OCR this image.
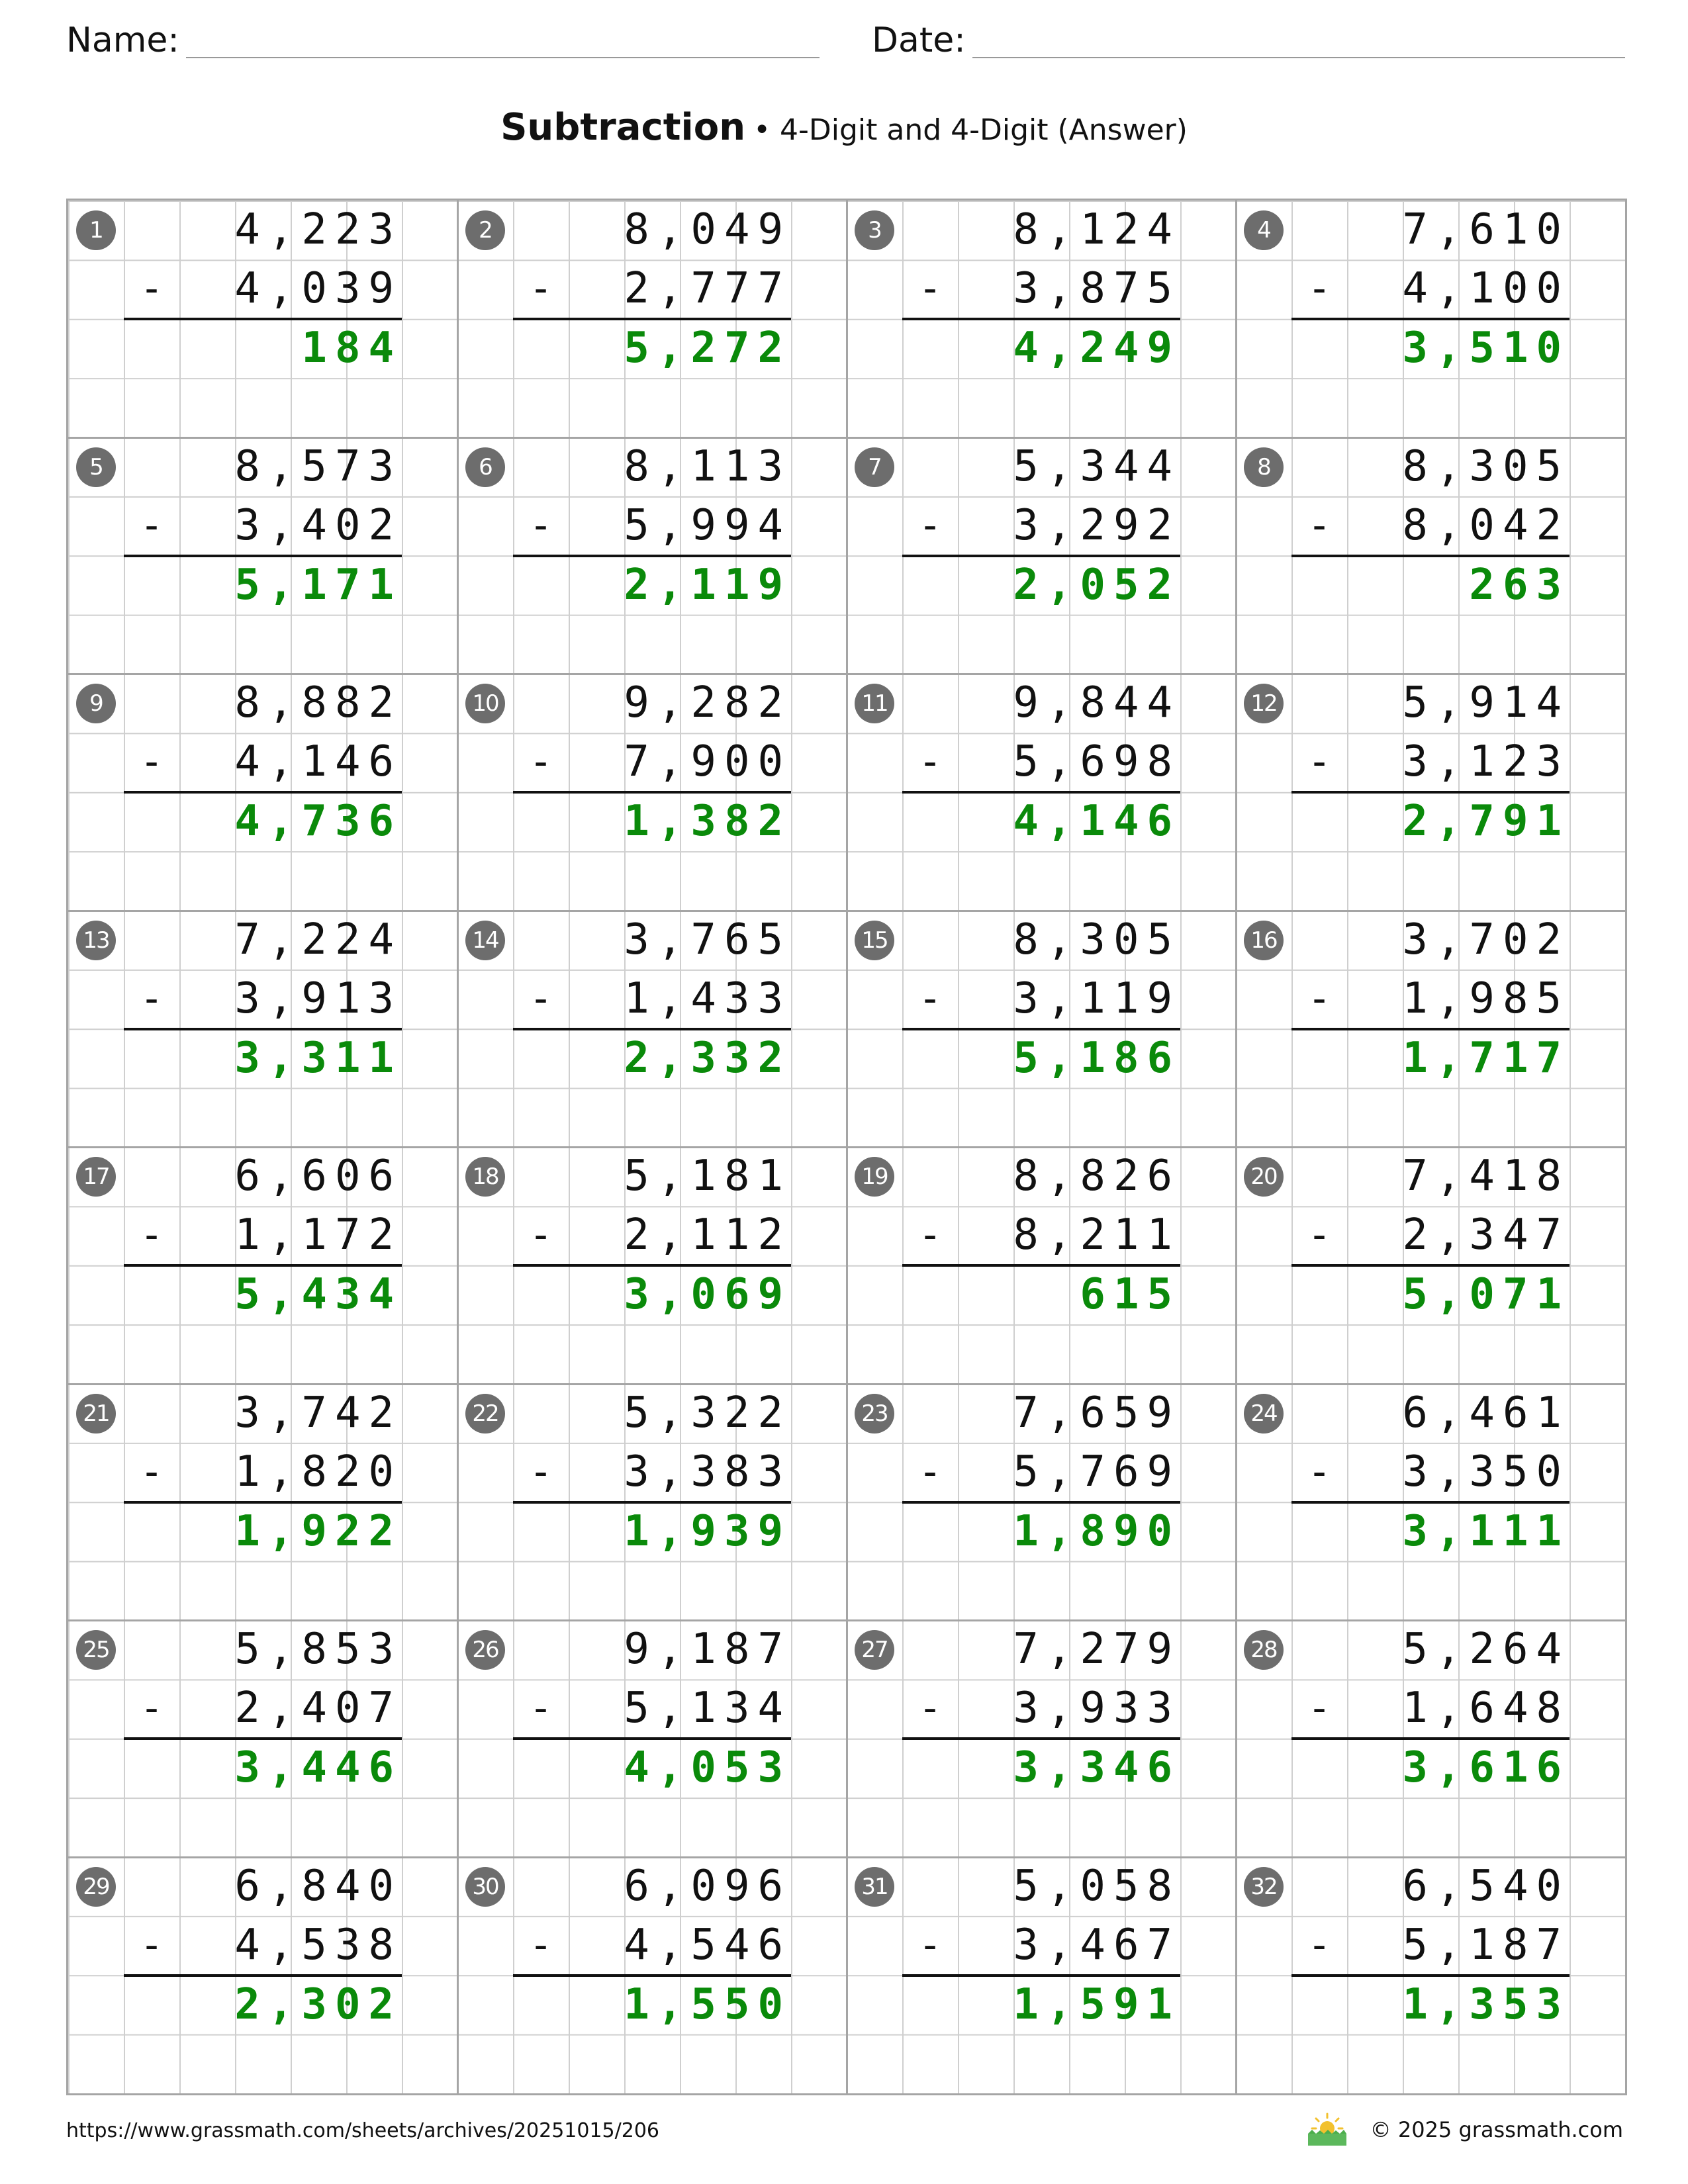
Name:	Date:
Subtraction • 4-Digit and 4-Digit (Answer)
1	4,223
-	4,039
184
2	8,049
-	2,777
5,272
3	8,124
-	3,875
4,249
4	7,610
-	4,100
3,510
5	8,573
-	3,402
5,171
6	8,113
-	5,994
2,119
7	5,344
-	3,292
2,052
8	8,305
-	8,042
263
9	8,882
-	4,146
4,736
10	9,282
-	7,900
1,382
11	9,844
-	5,698
4,146
12	5,914
-	3,123
2,791
13	7,224
-	3,913
3,311
14	3,765
-	1,433
2,332
15	8,305
-	3,119
5,186
16	3,702
-	1,985
1,717
17	6,606
-	1,172
5,434
18	5,181
-	2,112
3,069
19	8,826
-	8,211
615
20	7,418
-	2,347
5,071
21	3,742
-	1,820
1,922
22	5,322
-	3,383
1,939
23	7,659
-	5,769
1,890
24	6,461
-	3,350
3,111
25	5,853
-	2,407
3,446
26	9,187
-	5,134
4,053
27	7,279
-	3,933
3,346
28	5,264
-	1,648
3,616
29	6,840
-	4,538
2,302
30	6,096
-	4,546
1,550
31	5,058
-	3,467
1,591
32	6,540
-	5,187
1,353
https://www.grassmath.com/sheets/archives/20251015/206	© 2025 grassmath.com
